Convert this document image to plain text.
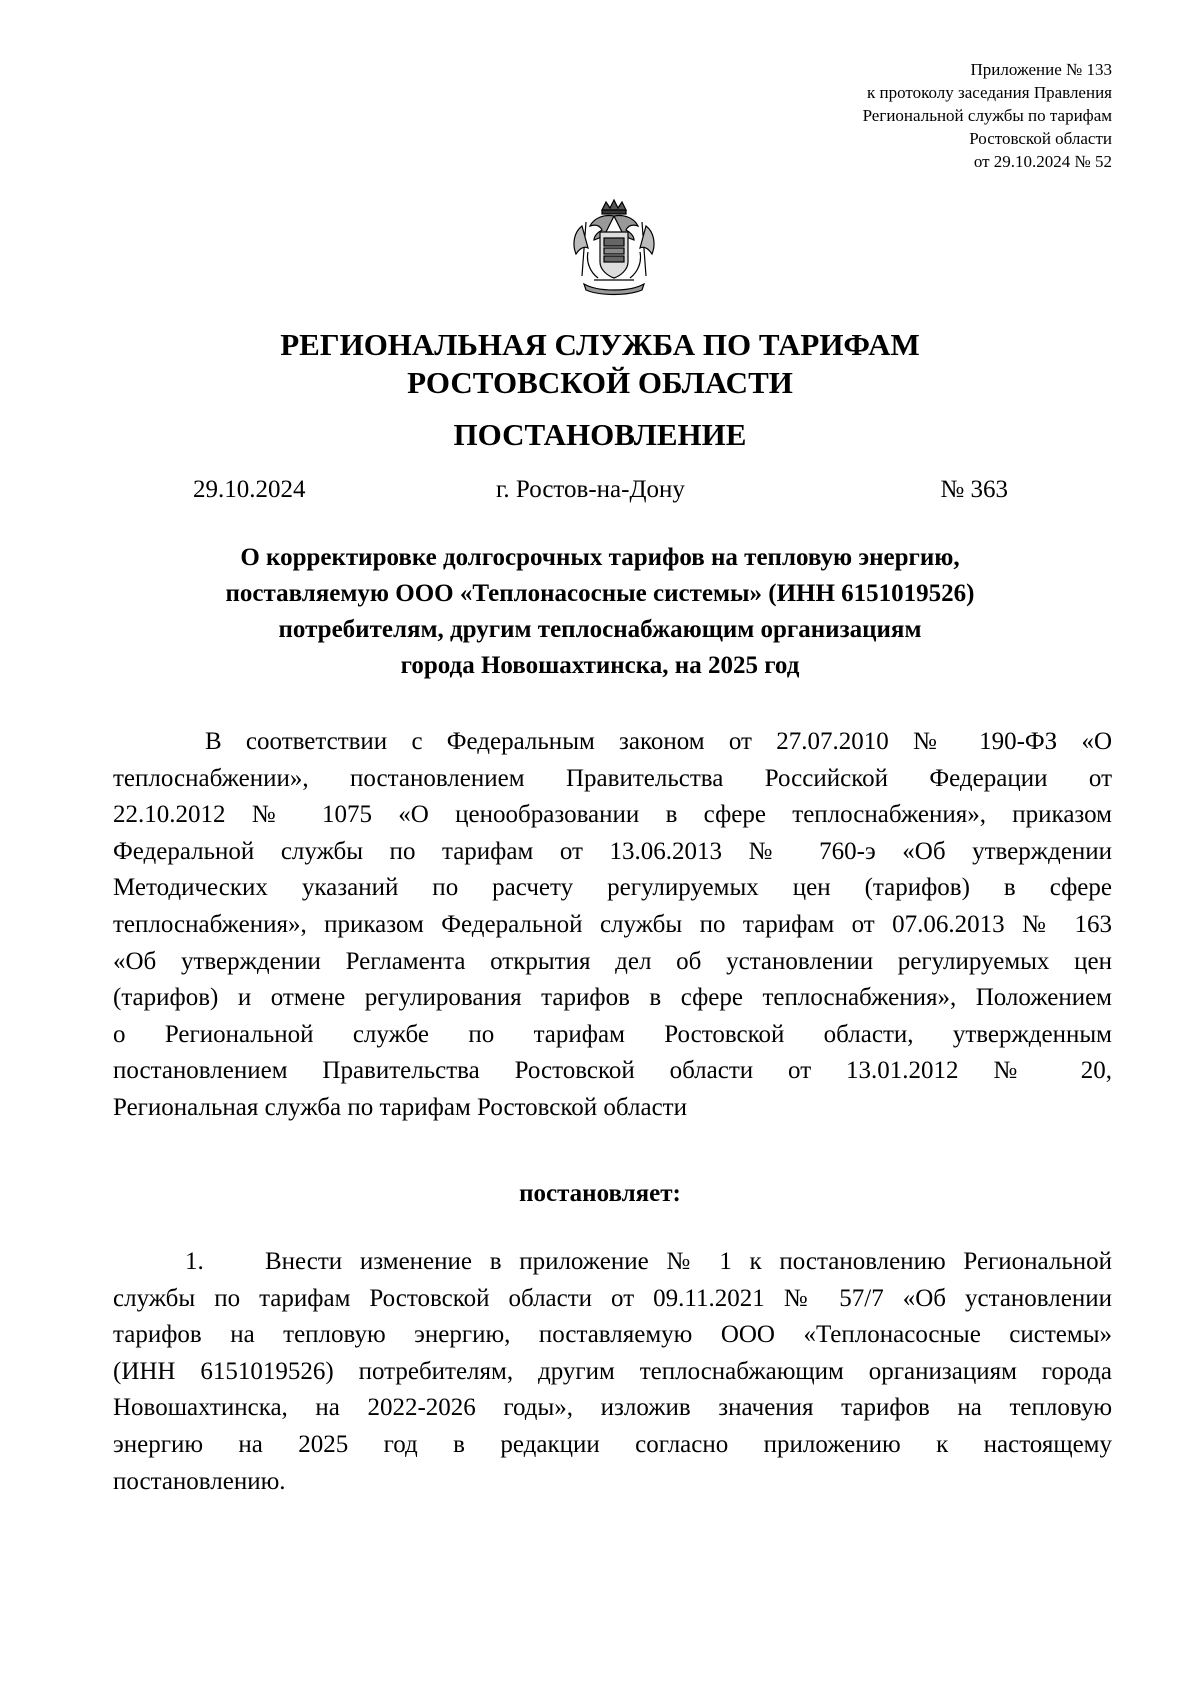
Приложение № 133
к протоколу заседания Правления
Региональной службы по тарифам
Ростовской области
от 29.10.2024 № 52
РЕГИОНАЛЬНАЯ СЛУЖБА ПО ТАРИФАМ
РОСТОВСКОЙ ОБЛАСТИ
ПОСТАНОВЛЕНИЕ
29.10.2024	г. Ростов-на-Дону	№ 363
О корректировке долгосрочных тарифов на тепловую энергию,
поставляемую ООО «Теплонасосные системы» (ИНН 6151019526)
потребителям, другим теплоснабжающим организациям
города Новошахтинска, на 2025 год
В соответствии с Федеральным законом от 27.07.2010 № 190-ФЗ «О
теплоснабжении», постановлением Правительства Российской Федерации от
22.10.2012 № 1075 «О ценообразовании в сфере теплоснабжения», приказом
Федеральной службы по тарифам от 13.06.2013 № 760-э «Об утверждении
Методических указаний по расчету регулируемых цен (тарифов) в сфере
теплоснабжения», приказом Федеральной службы по тарифам от 07.06.2013 № 163
«Об утверждении Регламента открытия дел об установлении регулируемых цен
(тарифов) и отмене регулирования тарифов в сфере теплоснабжения», Положением
о Региональной службе по тарифам Ростовской области, утвержденным
постановлением Правительства Ростовской области от 13.01.2012 № 20,
Региональная служба по тарифам Ростовской области
постановляет:
1. Внести изменение в приложение № 1 к постановлению Региональной
службы по тарифам Ростовской области от 09.11.2021 № 57/7 «Об установлении
тарифов на тепловую энергию, поставляемую ООО «Теплонасосные системы»
(ИНН 6151019526) потребителям, другим теплоснабжающим организациям города
Новошахтинска, на 2022-2026 годы», изложив значения тарифов на тепловую
энергию на 2025 год в редакции согласно приложению к настоящему
постановлению.
